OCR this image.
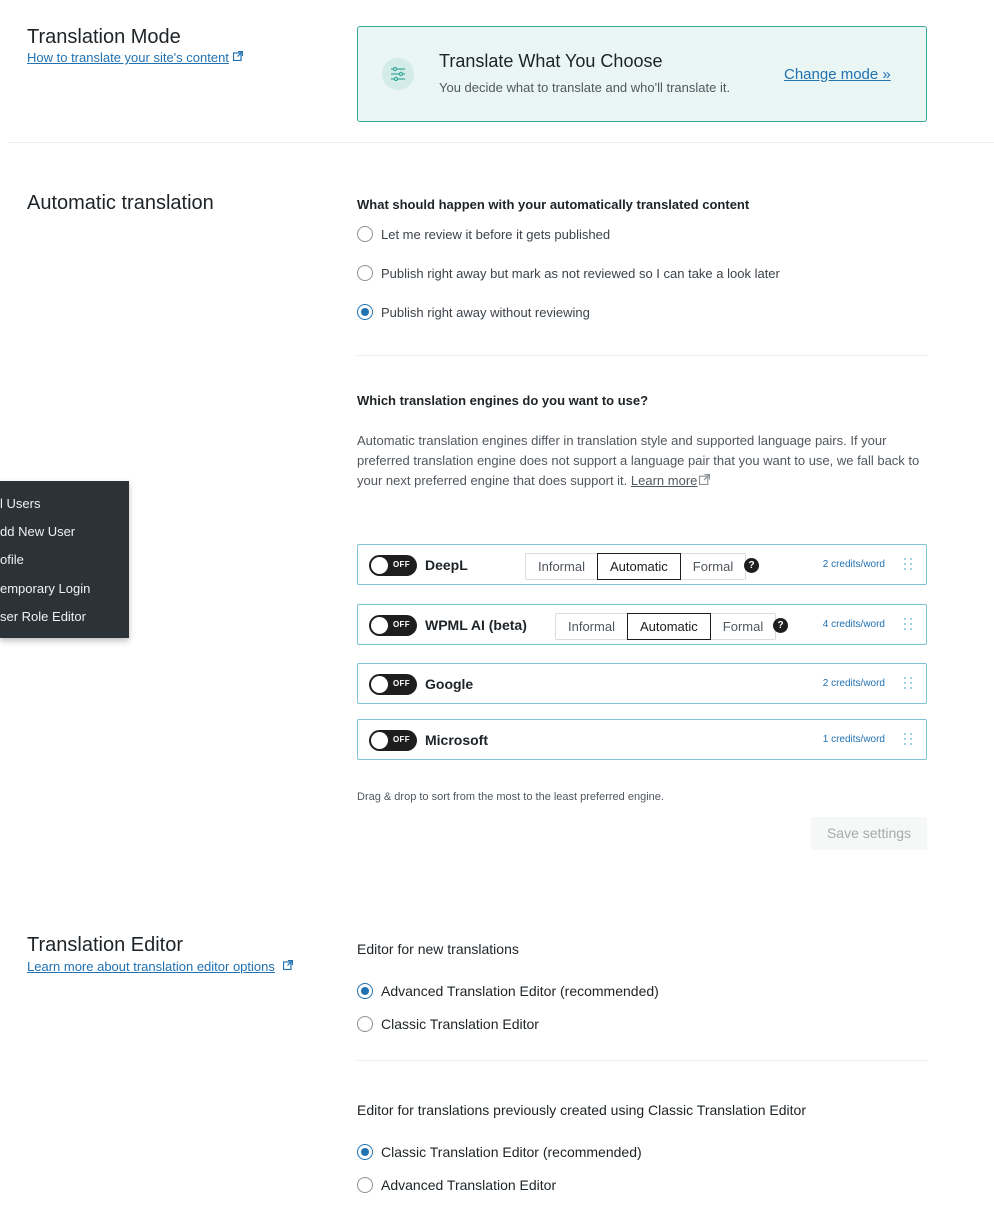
Translation Mode
How to translate your site's content	Translate What You Choose
You decide what to translate and who'll translate it.
Change mode »
Automatic translation	What should happen with your automatically translated content
Let me review it before it gets published
Publish right away but mark as not reviewed so I can take a look later
Publish right away without reviewing
Which translation engines do you want to use?
Automatic translation engines differ in translation style and supported language pairs. If your preferred translation engine does not support a language pair that you want to use, we fall back to your next preferred engine that does support it. Learn more
OFF DeepL	Informal	Automatic	Formal	?	2 credits/word
OFF WPML AI (beta)	Informal	Automatic	Formal	?	4 credits/word
OFF Google	2 credits/word
OFF Microsoft	1 credits/word
Drag & drop to sort from the most to the least preferred engine.
Save settings
l Users
dd New User
ofile
emporary Login
ser Role Editor
Translation Editor
Learn more about translation editor options
Editor for new translations
Advanced Translation Editor (recommended)
Classic Translation Editor
Editor for translations previously created using Classic Translation Editor
Classic Translation Editor (recommended)
Advanced Translation Editor
